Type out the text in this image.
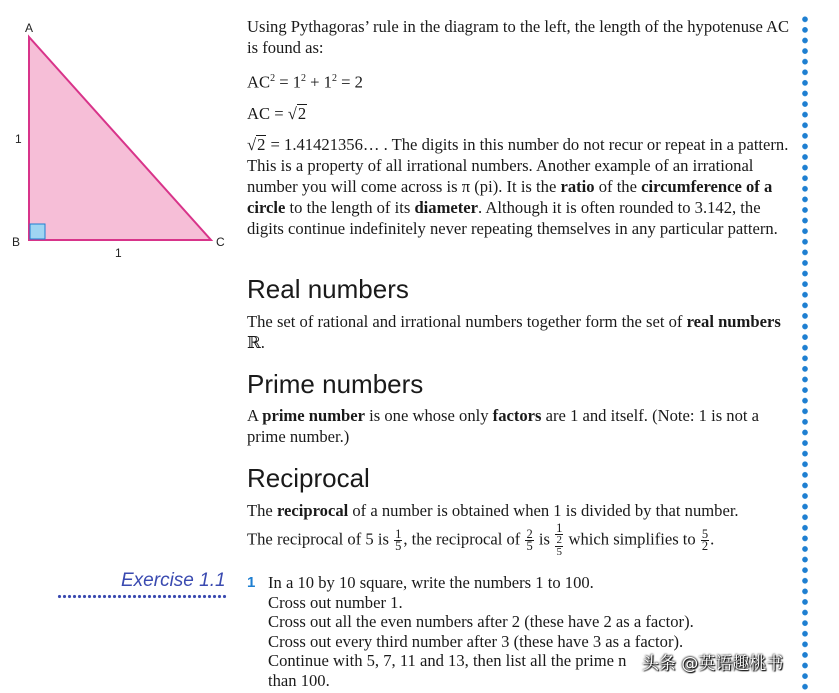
A
B	C
1
1

Using Pythagoras’ rule in the diagram to the left, the length of the hypotenuse AC is found as:

$AC^2 = 1^2 + 1^2 = 2$

AC = √2

√2 = 1.41421356… . The digits in this number do not recur or repeat in a pattern. This is a property of all irrational numbers. Another example of an irrational number you will come across is π (pi). It is the ratio of the circumference of a circle to the length of its diameter. Although it is often rounded to 3.142, the digits continue indefinitely never repeating themselves in any particular pattern.

Real numbers

The set of rational and irrational numbers together form the set of real numbers ℝ.

Prime numbers

A prime number is one whose only factors are 1 and itself. (Note: 1 is not a prime number.)

Reciprocal

The reciprocal of a number is obtained when 1 is divided by that number.

The reciprocal of 5 is $\frac{1}{5}$ , the reciprocal of $\frac{2}{5}$ is 1
2
5 which simplifies to $\frac{5}{2}$ .

Exercise 1.1 1 In a 10 by 10 square, write the numbers 1 to 100.
Cross out number 1.
Cross out all the even numbers after 2 (these have 2 as a factor).
Cross out every third number after 3 (these have 3 as a factor).
Continue with 5, 7, 11 and 13, then list all the prime n
than 100.
头条 @英语趣桃书
